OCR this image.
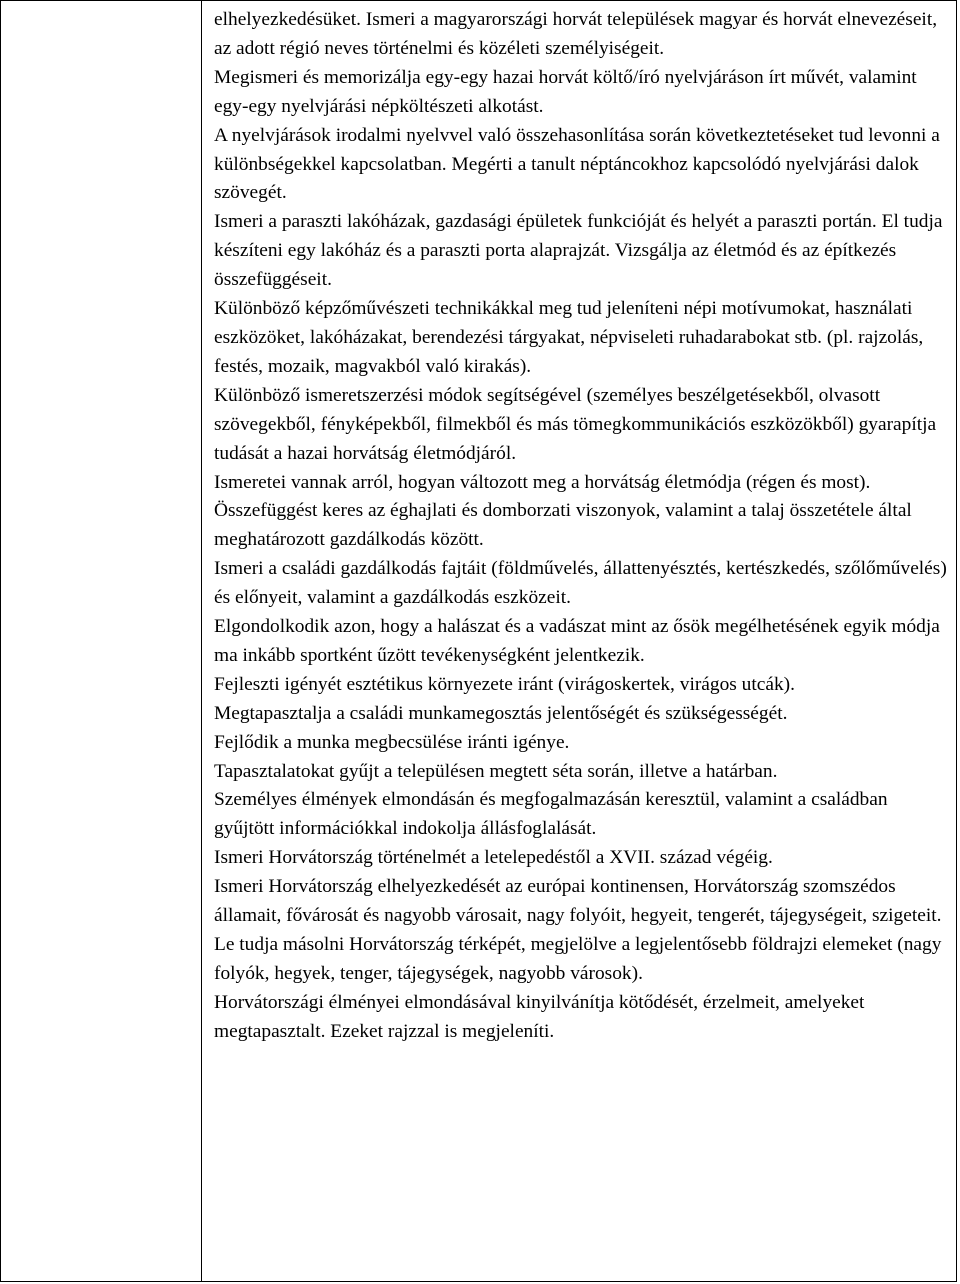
elhelyezkedésüket. Ismeri a magyarországi horvát települések magyar és horvát elnevezéseit, az adott régió neves történelmi és közéleti személyiségeit.

Megismeri és memorizálja egy-egy hazai horvát költő/író nyelvjáráson írt művét, valamint egy-egy nyelvjárási népköltészeti alkotást.

A nyelvjárások irodalmi nyelvvel való összehasonlítása során következtetéseket tud levonni a különbségekkel kapcsolatban. Megérti a tanult néptáncokhoz kapcsolódó nyelvjárási dalok szövegét.

Ismeri a paraszti lakóházak, gazdasági épületek funkcióját és helyét a paraszti portán. El tudja készíteni egy lakóház és a paraszti porta alaprajzát. Vizsgálja az életmód és az építkezés összefüggéseit.

Különböző képzőművészeti technikákkal meg tud jeleníteni népi motívumokat, használati eszközöket, lakóházakat, berendezési tárgyakat, népviseleti ruhadarabokat stb. (pl. rajzolás, festés, mozaik, magvakból való kirakás).

Különböző ismeretszerzési módok segítségével (személyes beszélgetésekből, olvasott szövegekből, fényképekből, filmekből és más tömegkommunikációs eszközökből) gyarapítja tudását a hazai horvátság életmódjáról.

Ismeretei vannak arról, hogyan változott meg a horvátság életmódja (régen és most).

Összefüggést keres az éghajlati és domborzati viszonyok, valamint a talaj összetétele által meghatározott gazdálkodás között.

Ismeri a családi gazdálkodás fajtáit (földművelés, állattenyésztés, kertészkedés, szőlőművelés) és előnyeit, valamint a gazdálkodás eszközeit.

Elgondolkodik azon, hogy a halászat és a vadászat mint az ősök megélhetésének egyik módja ma inkább sportként űzött tevékenységként jelentkezik.

Fejleszti igényét esztétikus környezete iránt (virágoskertek, virágos utcák).

Megtapasztalja a családi munkamegosztás jelentőségét és szükségességét.

Fejlődik a munka megbecsülése iránti igénye.

Tapasztalatokat gyűjt a településen megtett séta során, illetve a határban.

Személyes élmények elmondásán és megfogalmazásán keresztül, valamint a családban gyűjtött információkkal indokolja állásfoglalását.

Ismeri Horvátország történelmét a letelepedéstől a XVII. század végéig.

Ismeri Horvátország elhelyezkedését az európai kontinensen, Horvátország szomszédos államait, fővárosát és nagyobb városait, nagy folyóit, hegyeit, tengerét, tájegységeit, szigeteit.

Le tudja másolni Horvátország térképét, megjelölve a legjelentősebb földrajzi elemeket (nagy folyók, hegyek, tenger, tájegységek, nagyobb városok).

Horvátországi élményei elmondásával kinyilvánítja kötődését, érzelmeit, amelyeket megtapasztalt. Ezeket rajzzal is megjeleníti.
